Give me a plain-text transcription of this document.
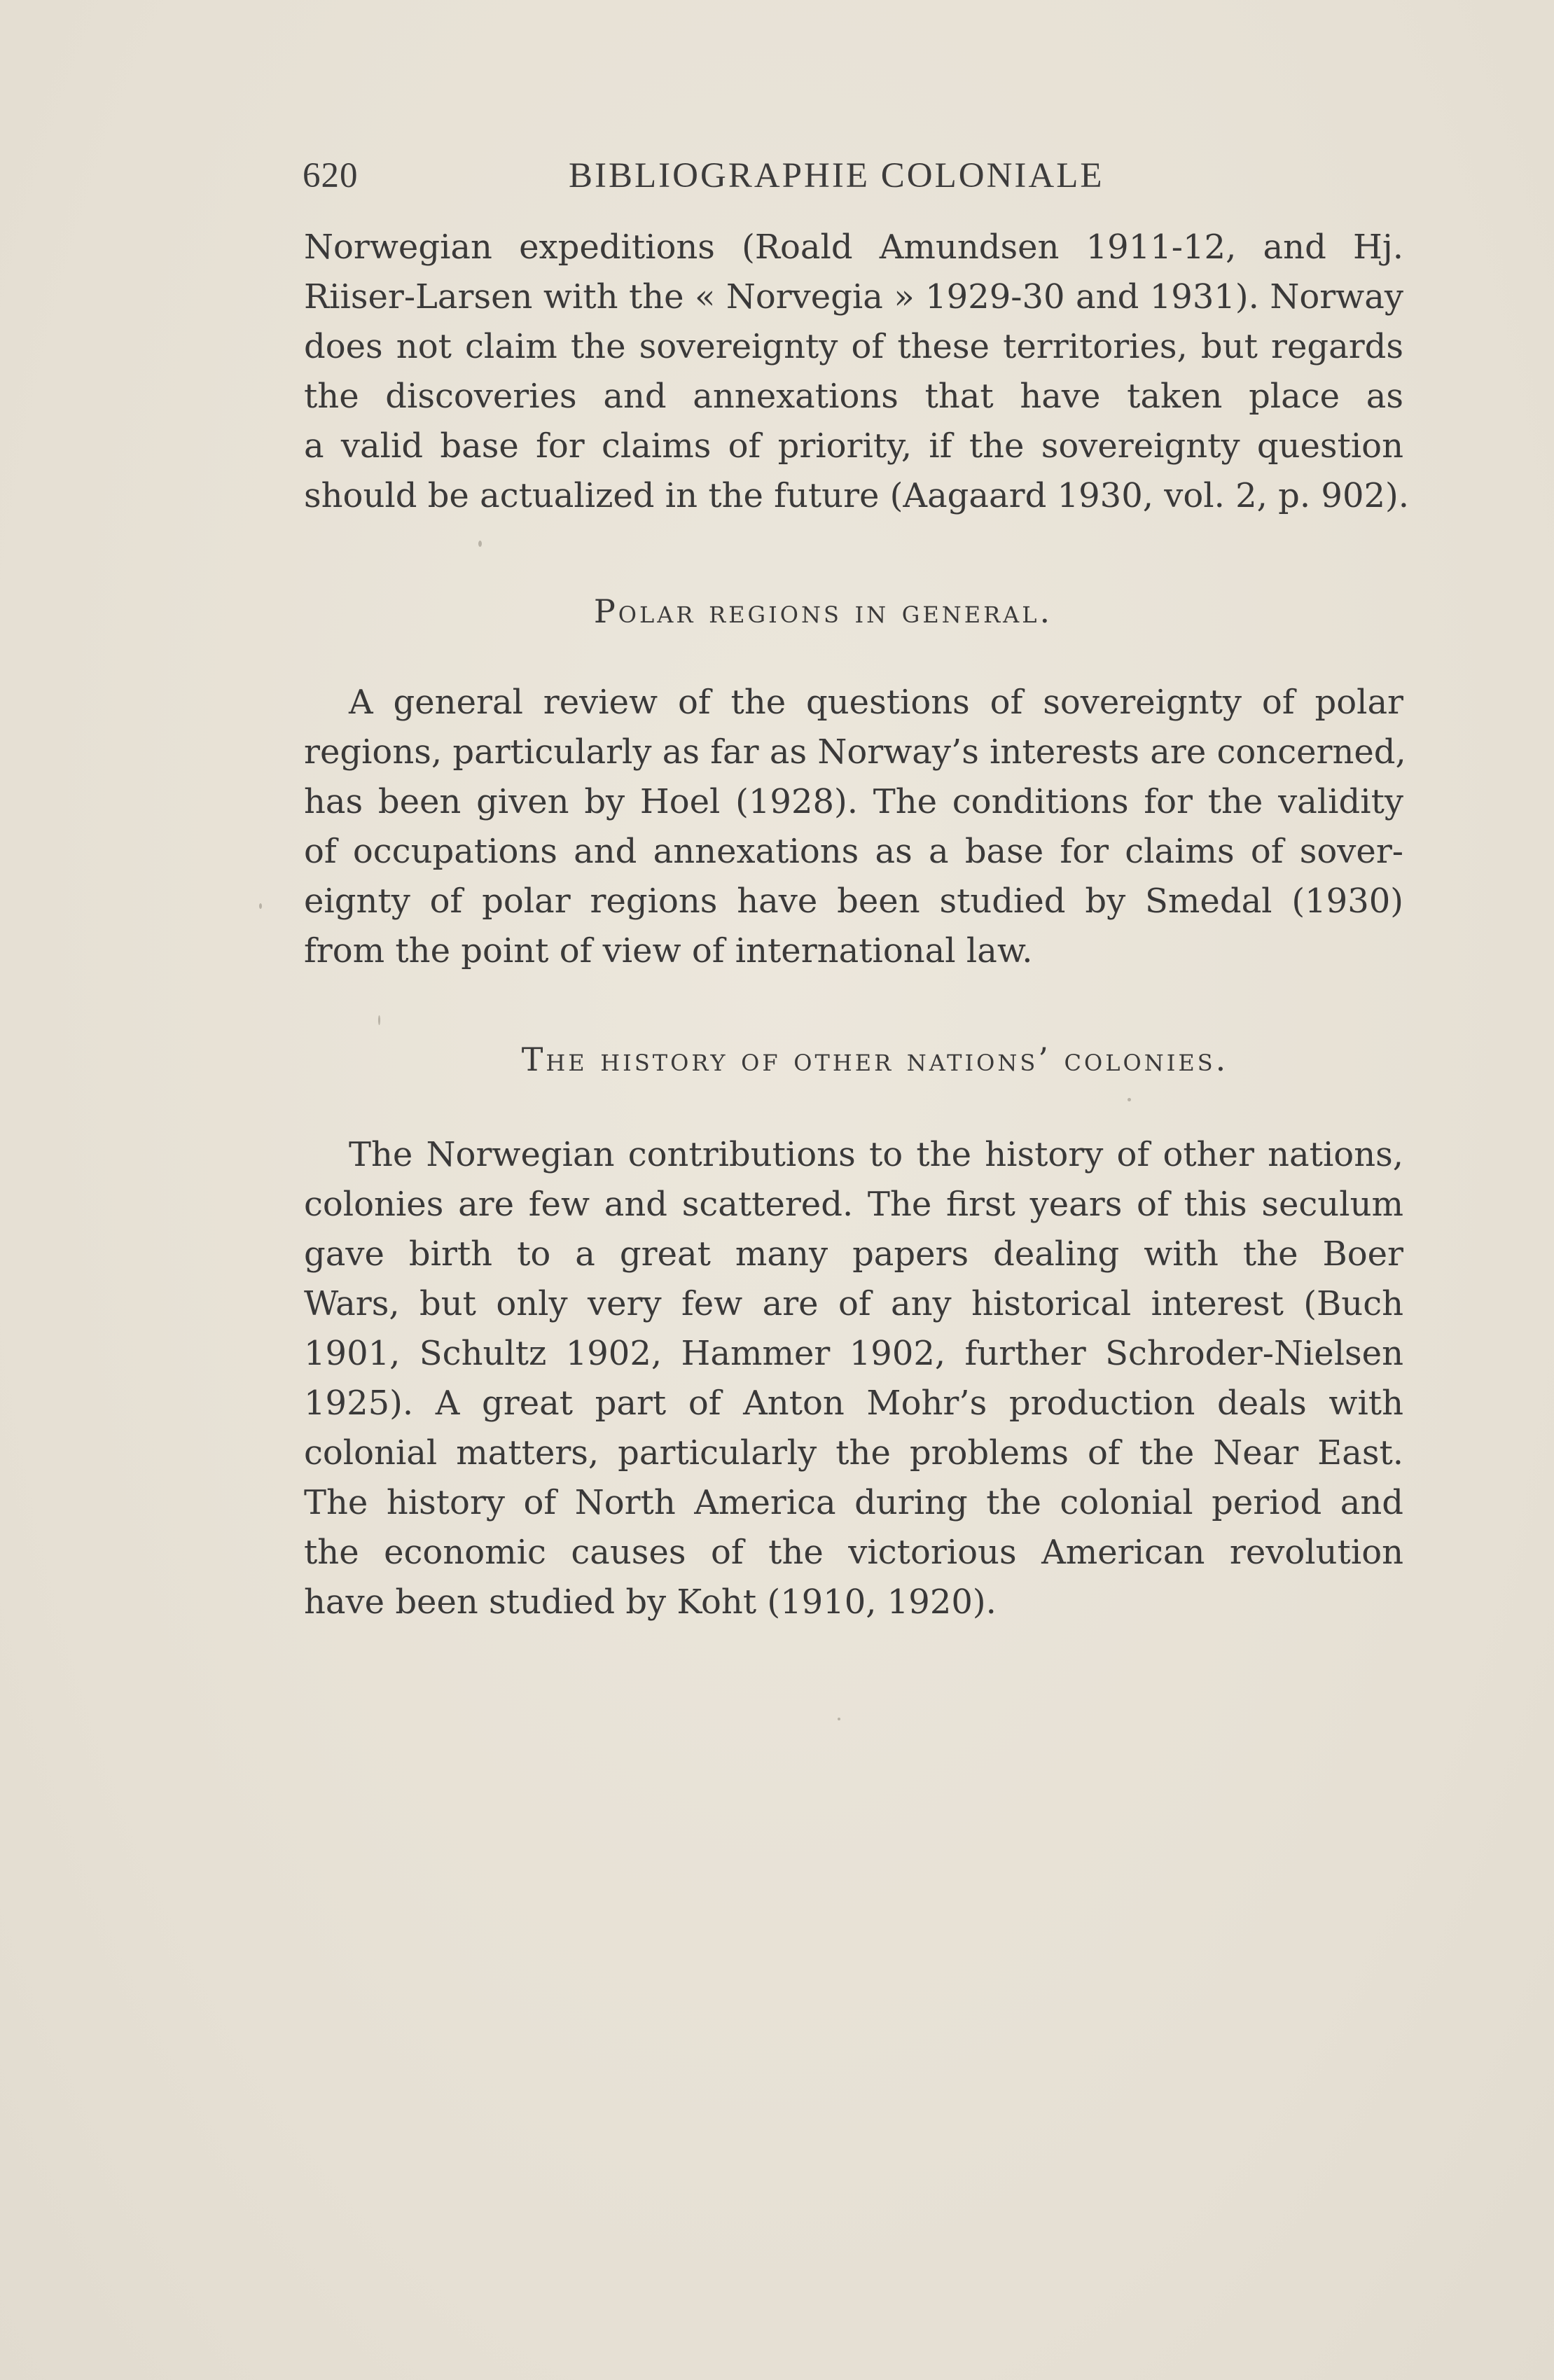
620	BIBLIOGRAPHIE COLONIALE
Norwegian expeditions (Roald Amundsen 1911-12, and Hj.
Riiser-Larsen with the « Norvegia » 1929-30 and 1931). Norway
does not claim the sovereignty of these territories, but regards
the discoveries and annexations that have taken place as
a valid base for claims of priority, if the sovereignty question
should be actualized in the future (Aagaard 1930, vol. 2, p. 902).
Polar regions in general.
A general review of the questions of sovereignty of polar
regions, particularly as far as Norway’s interests are concerned,
has been given by Hoel (1928). The conditions for the validity
of occupations and annexations as a base for claims of sover-
eignty of polar regions have been studied by Smedal (1930)
from the point of view of international law.
The history of other nations’ colonies.
The Norwegian contributions to the history of other nations,
colonies are few and scattered. The first years of this seculum
gave birth to a great many papers dealing with the Boer
Wars, but only very few are of any historical interest (Buch
1901, Schultz 1902, Hammer 1902, further Schroder-Nielsen
1925). A great part of Anton Mohr’s production deals with
colonial matters, particularly the problems of the Near East.
The history of North America during the colonial period and
the economic causes of the victorious American revolution
have been studied by Koht (1910, 1920).
